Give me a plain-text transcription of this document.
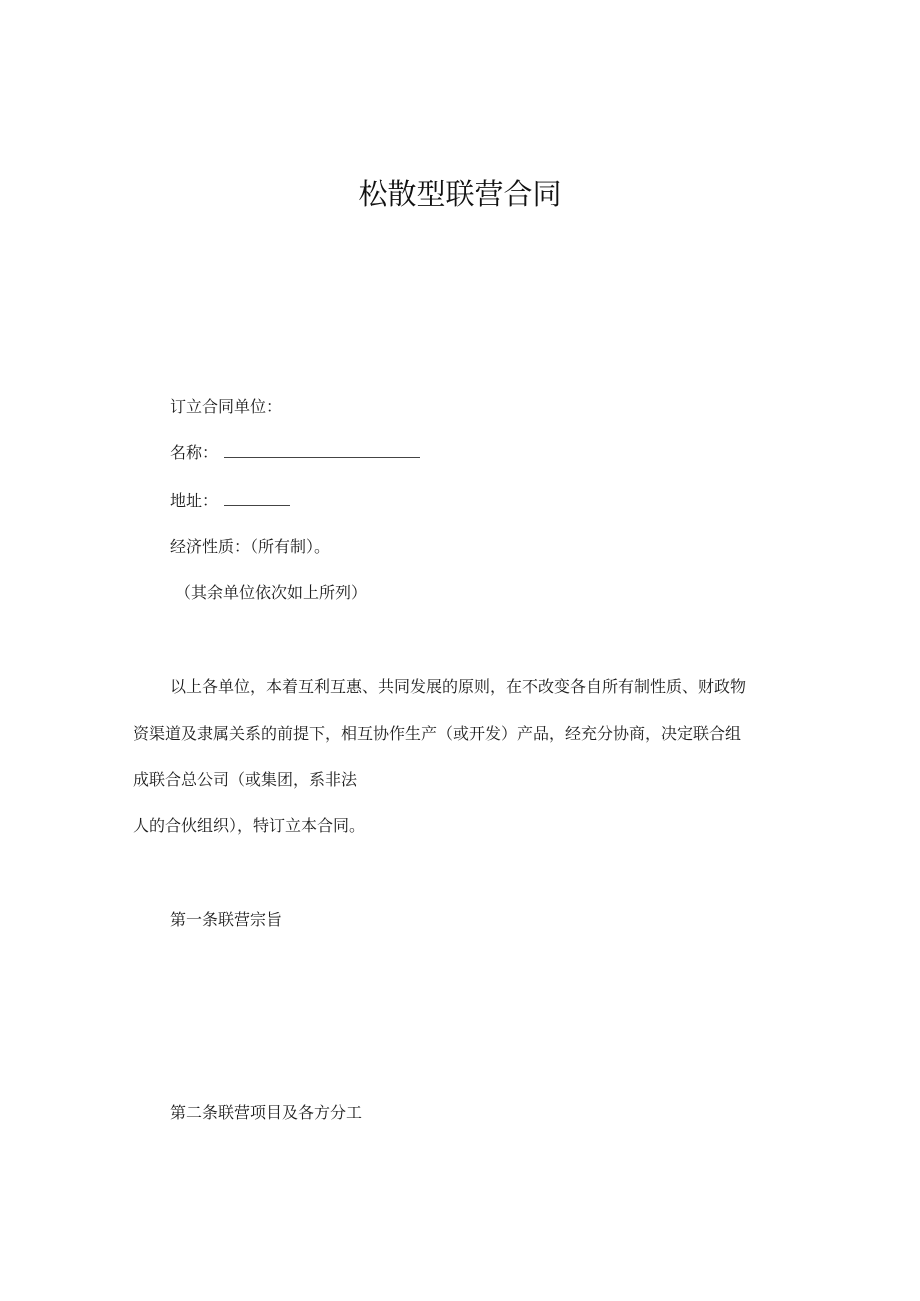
松散型联营合同
订立合同单位：
名称：
地址：
经济性质：（所有制）。
（其余单位依次如上所列）
以上各单位，本着互利互惠、共同发展的原则，在不改变各自所有制性质、财政物
资渠道及隶属关系的前提下，相互协作生产（或开发）产品，经充分协商，决定联合组
成联合总公司（或集团，系非法
人的合伙组织），特订立本合同。
第一条联营宗旨
第二条联营项目及各方分工
